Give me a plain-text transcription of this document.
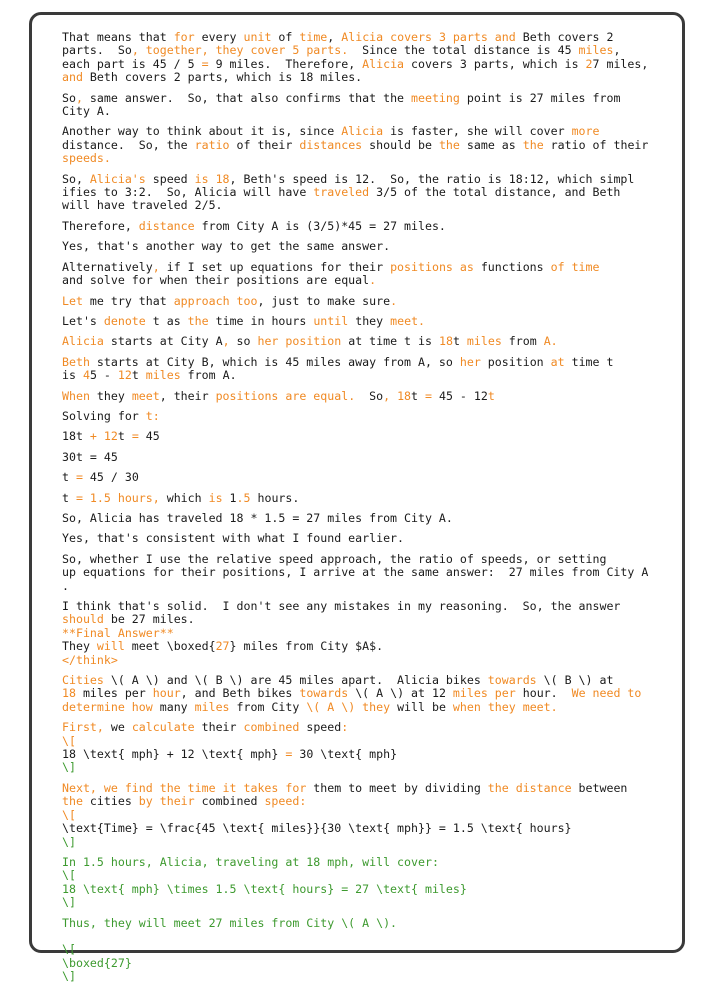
That means that for every unit of time, Alicia covers 3 parts and Beth covers 2
parts.  So, together, they cover 5 parts.  Since the total distance is 45 miles,
each part is 45 / 5 = 9 miles.  Therefore, Alicia covers 3 parts, which is 27 miles,
and Beth covers 2 parts, which is 18 miles.
So, same answer.  So, that also confirms that the meeting point is 27 miles from
City A.
Another way to think about it is, since Alicia is faster, she will cover more
distance.  So, the ratio of their distances should be the same as the ratio of their
speeds.
So, Alicia's speed is 18, Beth's speed is 12.  So, the ratio is 18:12, which simpl
ifies to 3:2.  So, Alicia will have traveled 3/5 of the total distance, and Beth
will have traveled 2/5.
Therefore, distance from City A is (3/5)*45 = 27 miles.
Yes, that's another way to get the same answer.
Alternatively, if I set up equations for their positions as functions of time
and solve for when their positions are equal.
Let me try that approach too, just to make sure.
Let's denote t as the time in hours until they meet.
Alicia starts at City A, so her position at time t is 18t miles from A.
Beth starts at City B, which is 45 miles away from A, so her position at time t
is 45 - 12t miles from A.
When they meet, their positions are equal.  So, 18t = 45 - 12t
Solving for t:
18t + 12t = 45
30t = 45
t = 45 / 30
t = 1.5 hours, which is 1.5 hours.
So, Alicia has traveled 18 * 1.5 = 27 miles from City A.
Yes, that's consistent with what I found earlier.
So, whether I use the relative speed approach, the ratio of speeds, or setting
up equations for their positions, I arrive at the same answer:  27 miles from City A
.
I think that's solid.  I don't see any mistakes in my reasoning.  So, the answer
should be 27 miles.
**Final Answer**
They will meet \boxed{27} miles from City $A$.
</think>
Cities \( A \) and \( B \) are 45 miles apart.  Alicia bikes towards \( B \) at
18 miles per hour, and Beth bikes towards \( A \) at 12 miles per hour.  We need to
determine how many miles from City \( A \) they will be when they meet.
First, we calculate their combined speed:
\[
18 \text{ mph} + 12 \text{ mph} = 30 \text{ mph}
\]
Next, we find the time it takes for them to meet by dividing the distance between
the cities by their combined speed:
\[
\text{Time} = \frac{45 \text{ miles}}{30 \text{ mph}} = 1.5 \text{ hours}
\]
In 1.5 hours, Alicia, traveling at 18 mph, will cover:
\[
18 \text{ mph} \times 1.5 \text{ hours} = 27 \text{ miles}
\]
Thus, they will meet 27 miles from City \( A \).

\[
\boxed{27}
\]
